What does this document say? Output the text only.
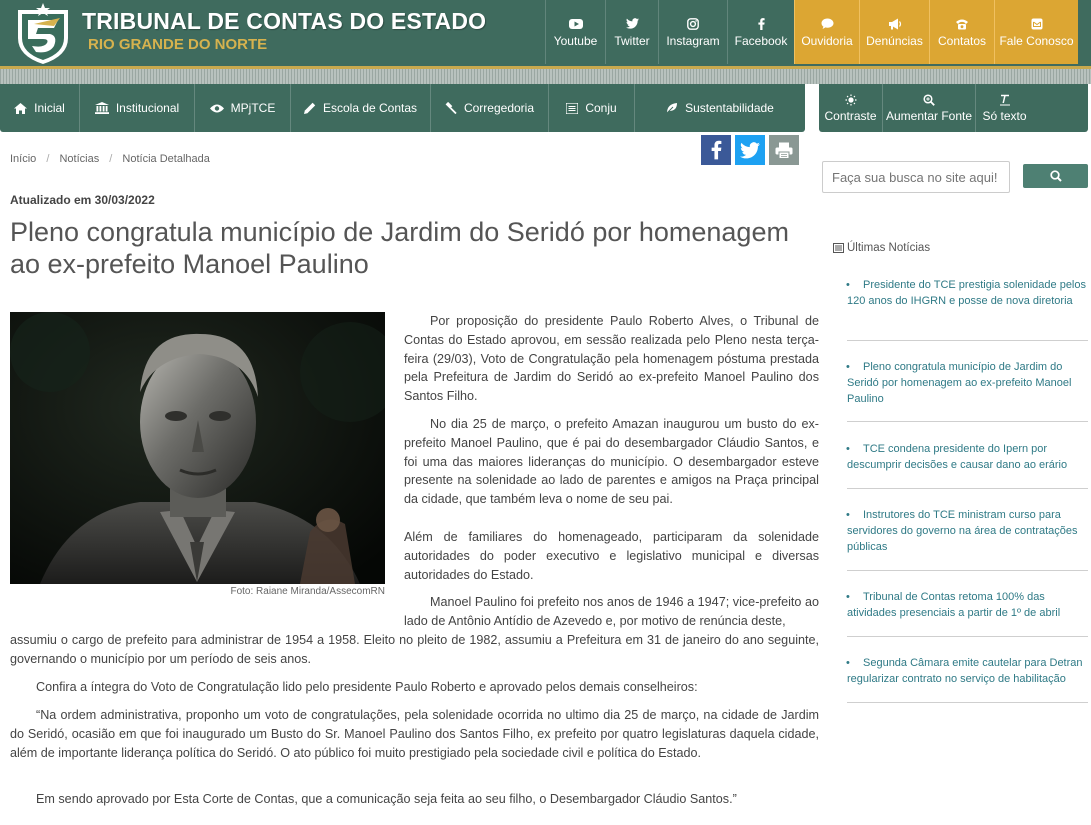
TRIBUNAL DE CONTAS DO ESTADO
RIO GRANDE DO NORTE	Youtube Twitter Instagram Facebook Ouvidoria Denúncias Contatos Fale Conosco
Inicial	Institucional	MPjTCE	Escola de Contas	Corregedoria	Conju	Sustentabilidade
Contraste Aumentar Fonte Só texto
Início / Notícias / Notícia Detalhada
Atualizado em 30/03/2022
Pleno congratula município de Jardim do Seridó por homenagem ao ex-prefeito Manoel Paulino
Foto: Raiane Miranda/AssecomRN

Por proposição do presidente Paulo Roberto Alves, o Tribunal de Contas do Estado aprovou, em sessão realizada pelo Pleno nesta terça-feira (29/03), Voto de Congratulação pela homenagem póstuma prestada pela Prefeitura de Jardim do Seridó ao ex-prefeito Manoel Paulino dos Santos Filho.

No dia 25 de março, o prefeito Amazan inaugurou um busto do ex-prefeito Manoel Paulino, que é pai do desembargador Cláudio Santos, e foi uma das maiores lideranças do município. O desembargador esteve presente na solenidade ao lado de parentes e amigos na Praça principal da cidade, que também leva o nome de seu pai.

Além de familiares do homenageado, participaram da solenidade autoridades do poder executivo e legislativo municipal e diversas autoridades do Estado.

Manoel Paulino foi prefeito nos anos de 1946 a 1947; vice-prefeito ao lado de Antônio Antídio de Azevedo e, por motivo de renúncia deste,

assumiu o cargo de prefeito para administrar de 1954 a 1958. Eleito no pleito de 1982, assumiu a Prefeitura em 31 de janeiro do ano seguinte, governando o município por um período de seis anos.

Confira a íntegra do Voto de Congratulação lido pelo presidente Paulo Roberto e aprovado pelos demais conselheiros:

“Na ordem administrativa, proponho um voto de congratulações, pela solenidade ocorrida no ultimo dia 25 de março, na cidade de Jardim do Seridó, ocasião em que foi inaugurado um Busto do Sr. Manoel Paulino dos Santos Filho, ex prefeito por quatro legislaturas daquela cidade, além de importante liderança política do Seridó. O ato público foi muito prestigiado pela sociedade civil e política do Estado.

Em sendo aprovado por Esta Corte de Contas, que a comunicação seja feita ao seu filho, o Desembargador Cláudio Santos.”

Faça sua busca no site aqui!
Últimas Notícias
• Presidente do TCE prestigia solenidade pelos 120 anos do IHGRN e posse de nova diretoria
• Pleno congratula município de Jardim do Seridó por homenagem ao ex-prefeito Manoel Paulino
• TCE condena presidente do Ipern por descumprir decisões e causar dano ao erário
• Instrutores do TCE ministram curso para servidores do governo na área de contratações públicas
• Tribunal de Contas retoma 100% das atividades presenciais a partir de 1º de abril
• Segunda Câmara emite cautelar para Detran regularizar contrato no serviço de habilitação
